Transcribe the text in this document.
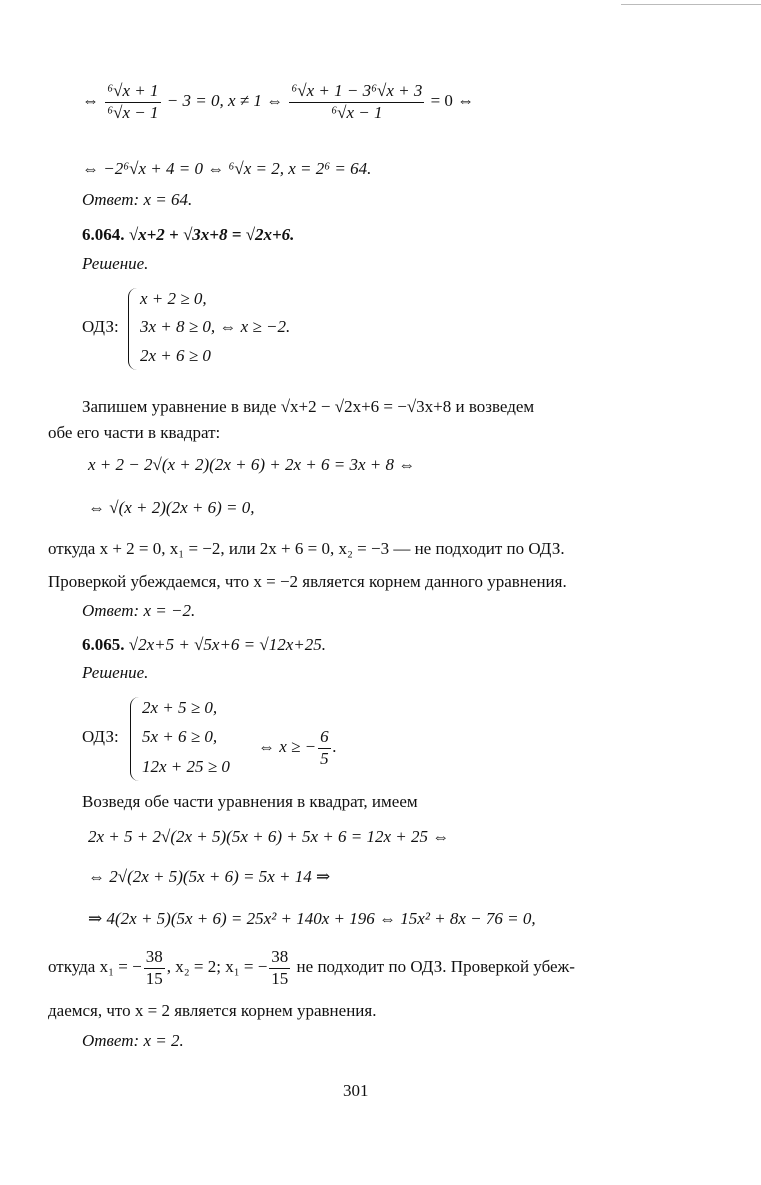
⇔ $\frac{\text{⁶√x + 1}}{\text{⁶√x − 1}} - 3 = 0$, x ≠ 1 ⇔ $\frac{\text{⁶√x + 1 − 3⁶√x + 3}}{\text{⁶√x − 1}} = 0$ ⇔
⇔ −2⁶√x + 4 = 0 ⇔ ⁶√x = 2, x = 2⁶ = 64.
Ответ: x = 64.
6.064. √x+2 + √3x+8 = √2x+6.
Решение.
ОДЗ:
x + 2 ≥ 0,
3x + 8 ≥ 0, ⇔ x ≥ −2.
2x + 6 ≥ 0
Запишем уравнение в виде √x+2 − √2x+6 = −√3x+8 и возведем
обе его части в квадрат:
x + 2 − 2√(x + 2)(2x + 6) + 2x + 6 = 3x + 8 ⇔
⇔ √(x + 2)(2x + 6) = 0,
откуда x + 2 = 0, x₁ = −2, или 2x + 6 = 0, x₂ = −3 — не подходит по ОДЗ.
Проверкой убеждаемся, что x = −2 является корнем данного уравнения.
Ответ: x = −2.
6.065. √2x+5 + √5x+6 = √12x+25.
Решение.
ОДЗ:
2x + 5 ≥ 0,
5x + 6 ≥ 0,
⇔ x ≥ − $\frac{6}{5}$ .
12x + 25 ≥ 0
Возведя обе части уравнения в квадрат, имеем
2x + 5 + 2√(2x + 5)(5x + 6) + 5x + 6 = 12x + 25 ⇔
⇔ 2√(2x + 5)(5x + 6) = 5x + 14 ⇒
⇒ 4(2x + 5)(5x + 6) = 25x² + 140x + 196 ⇔ 15x² + 8x − 76 = 0,
откуда x₁ = − $\frac{38}{15}$ , x₂ = 2; x₁ = − $\frac{38}{15}$ не подходит по ОДЗ. Проверкой убеж-
даемся, что x = 2 является корнем уравнения.
Ответ: x = 2.
301
